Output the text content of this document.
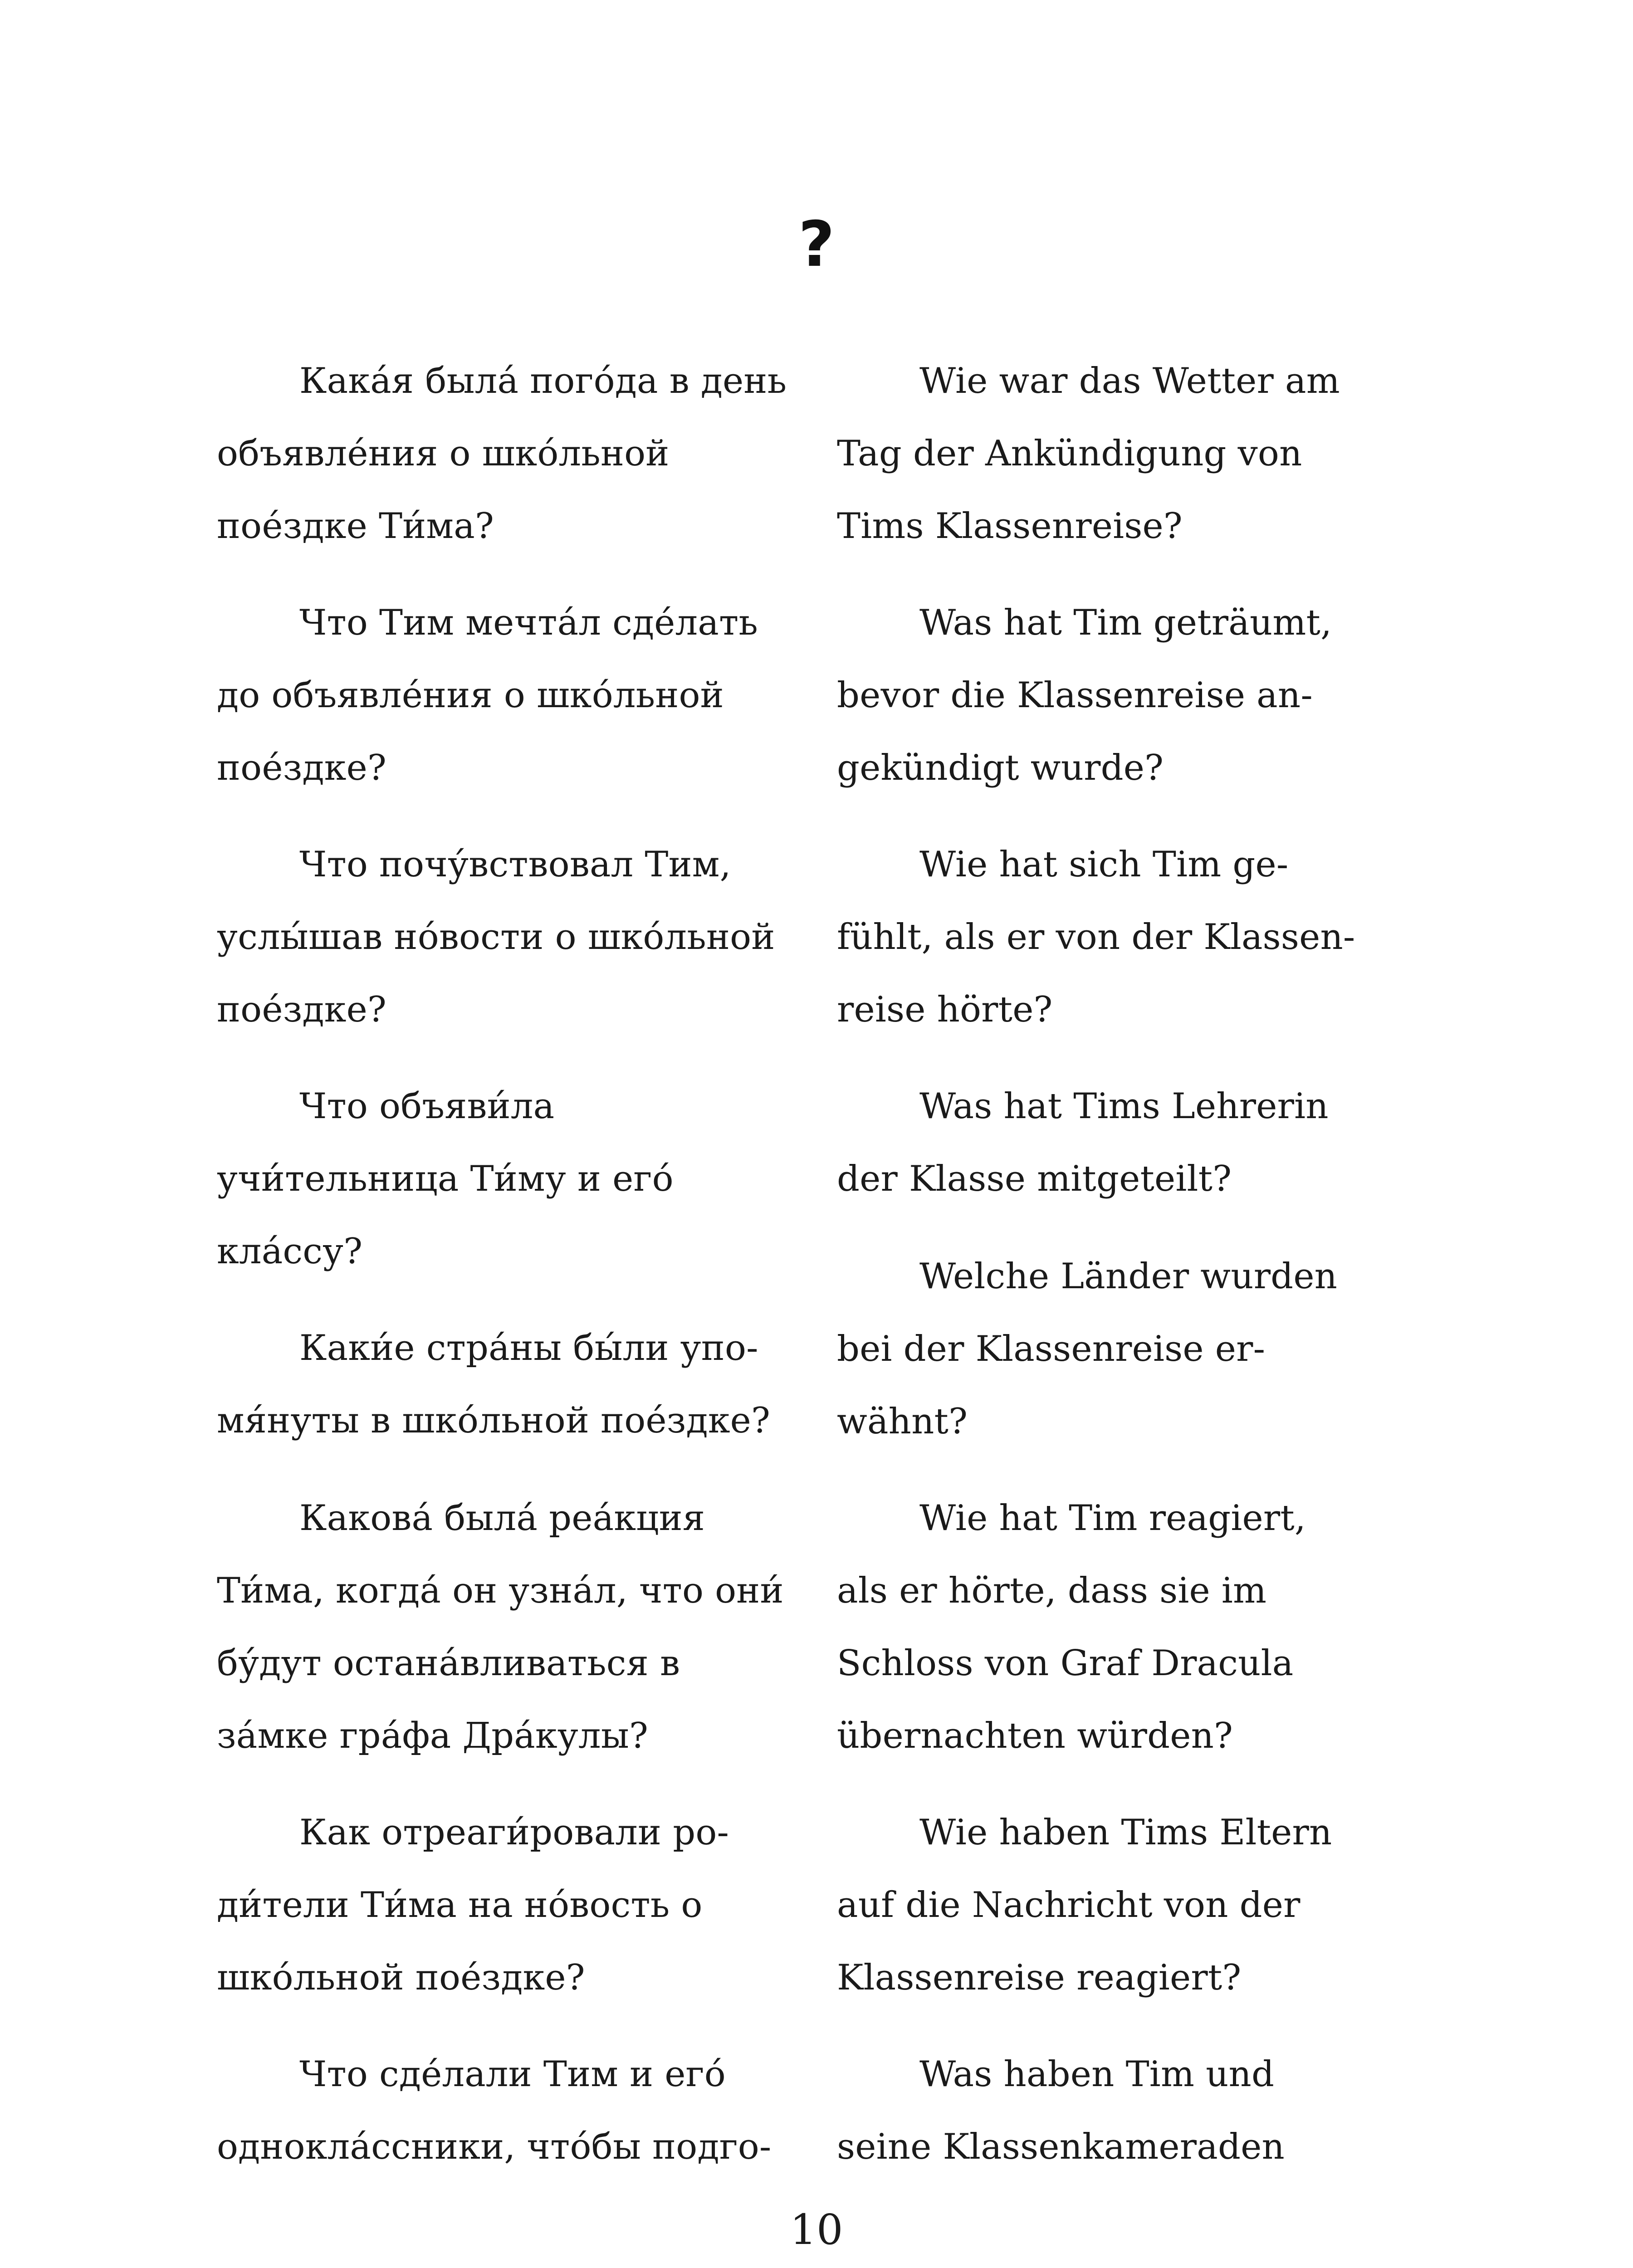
?

Кака́я была́ пого́да в день
объявле́ния о шко́льной
пое́здке Ти́ма?

Что Тим мечта́л сде́лать
до объявле́ния о шко́льной
пое́здке?

Что почу́вствовал Тим,
услы́шав но́вости о шко́льной
пое́здке?

Что объяви́ла
учи́тельница Ти́му и его́
кла́ссу?

Каки́е стра́ны бы́ли упо-
мя́нуты в шко́льной пое́здке?

Какова́ была́ реа́кция
Ти́ма, когда́ он узна́л, что они́
бу́дут остана́вливаться в
за́мке гра́фа Дра́кулы?

Как отреаги́ровали ро-
ди́тели Ти́ма на но́вость о
шко́льной пое́здке?

Что сде́лали Тим и его́
однокла́ссники, что́бы подго-

Wie war das Wetter am
Tag der Ankündigung von
Tims Klassenreise?

Was hat Tim geträumt,
bevor die Klassenreise an-
gekündigt wurde?

Wie hat sich Tim ge-
fühlt, als er von der Klassen-
reise hörte?

Was hat Tims Lehrerin
der Klasse mitgeteilt?

Welche Länder wurden
bei der Klassenreise er-
wähnt?

Wie hat Tim reagiert,
als er hörte, dass sie im
Schloss von Graf Dracula
übernachten würden?

Wie haben Tims Eltern
auf die Nachricht von der
Klassenreise reagiert?

Was haben Tim und
seine Klassenkameraden

10
